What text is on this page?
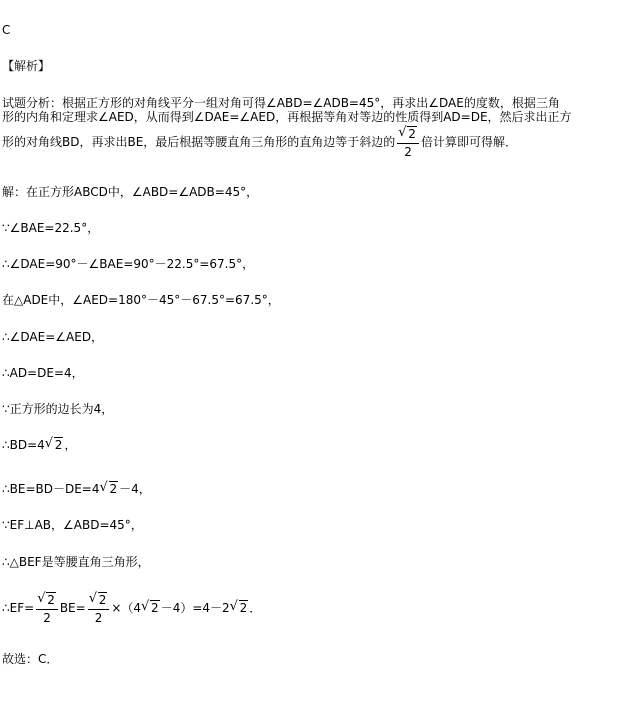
C
【解析】
试题分析：根据正方形的对角线平分一组对角可得∠ABD=∠ADB=45°，再求出∠DAE的度数，根据三角
形的内角和定理求∠AED，从而得到∠DAE=∠AED，再根据等角对等边的性质得到AD=DE，然后求出正方
形的对角线BD，再求出BE，最后根据等腰直角三角形的直角边等于斜边的
√ $\frac{2}{2}$ 倍计算即可得解．
解：在正方形ABCD中，∠ABD=∠ADB=45°，
∵∠BAE=22.5°，
∴∠DAE=90°－∠BAE=90°－22.5°=67.5°，
在△ADE中，∠AED=180°－45°－67.5°=67.5°，
∴∠DAE=∠AED，
∴AD=DE=4，
∵正方形的边长为4，
∴BD=4√ 2 ，
∴BE=BD－DE=4√ 2 －4，
∵EF⊥AB，∠ABD=45°，
∴△BEF是等腰直角三角形，
∴EF=
√ $\frac{2}{2} BE=$
√ $\frac{2}{2} \times(4√$ 2 －4）=4－2√ 2 ．
故选：C．
